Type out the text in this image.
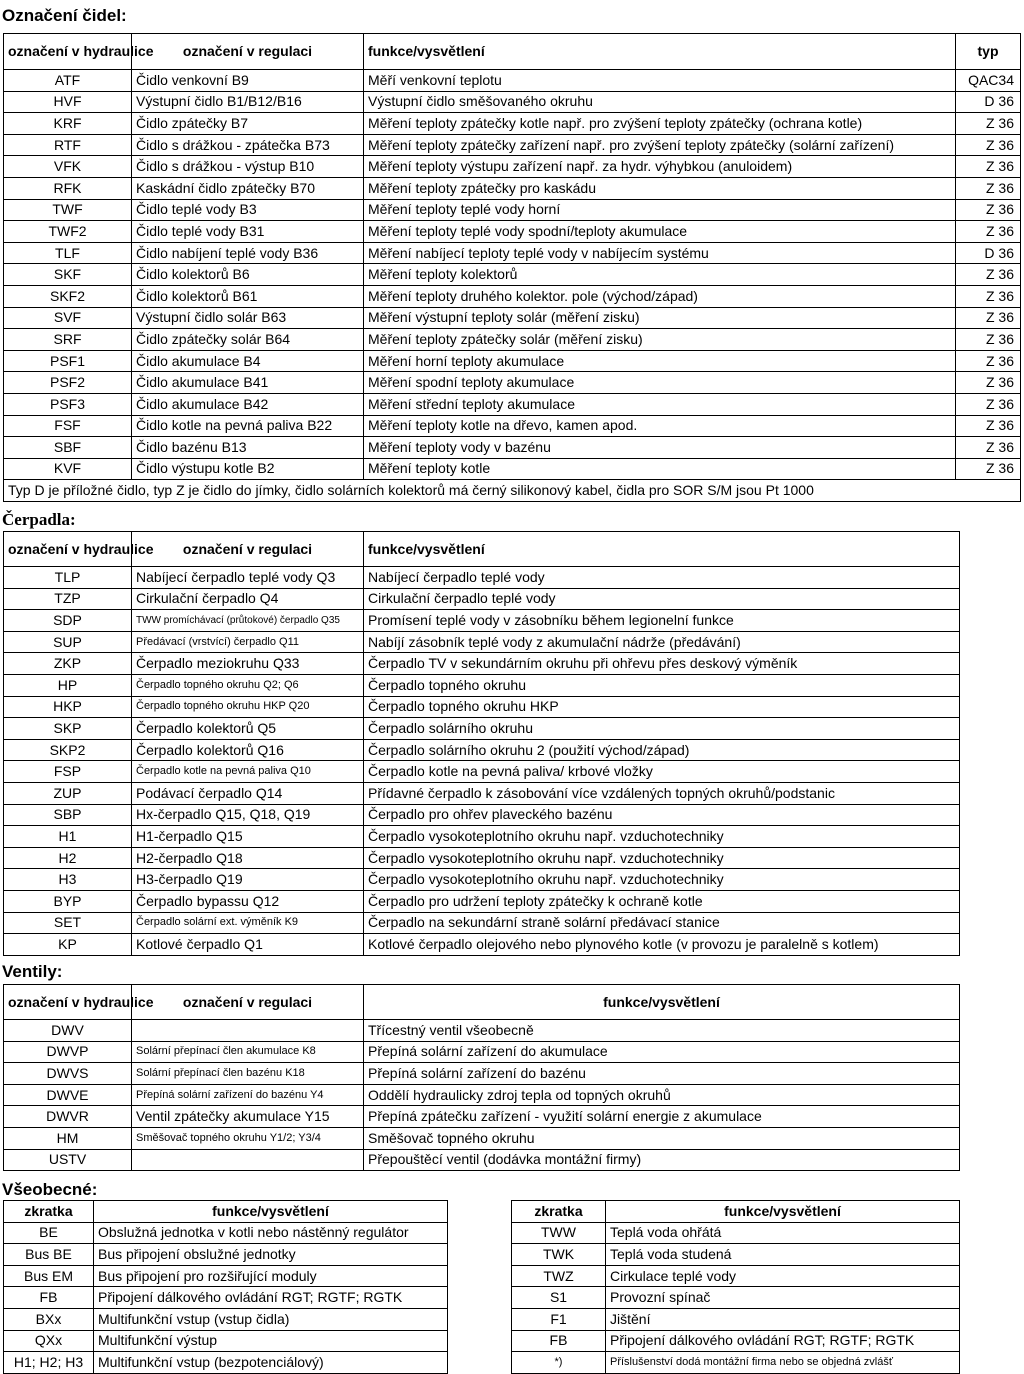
Označení čidel:
označení v hydraulice	označení v regulaci	funkce/vysvětlení	typ
ATF	Čidlo venkovní B9	Měří venkovní teplotu	QAC34
HVF	Výstupní čidlo B1/B12/B16	Výstupní čidlo směšovaného okruhu	D 36
KRF	Čidlo zpátečky B7	Měření teploty zpátečky kotle např. pro zvýšení teploty zpátečky (ochrana kotle)	Z 36
RTF	Čidlo s drážkou - zpátečka B73	Měření teploty zpátečky zařízení např. pro zvýšení teploty zpátečky (solární zařízení)	Z 36
VFK	Čidlo s drážkou - výstup B10	Měření teploty výstupu zařízení např. za hydr. výhybkou (anuloidem)	Z 36
RFK	Kaskádní čidlo zpátečky B70	Měření teploty zpátečky pro kaskádu	Z 36
TWF	Čidlo teplé vody B3	Měření teploty teplé vody horní	Z 36
TWF2	Čidlo teplé vody B31	Měření teploty teplé vody spodní/teploty akumulace	Z 36
TLF	Čidlo nabíjení teplé vody B36	Měření nabíjecí teploty teplé vody v nabíjecím systému	D 36
SKF	Čidlo kolektorů B6	Měření teploty kolektorů	Z 36
SKF2	Čidlo kolektorů B61	Měření teploty druhého kolektor. pole (východ/západ)	Z 36
SVF	Výstupní čidlo solár B63	Měření výstupní teploty solár (měření zisku)	Z 36
SRF	Čidlo zpátečky solár B64	Měření teploty zpátečky solár (měření zisku)	Z 36
PSF1	Čidlo akumulace B4	Měření horní teploty akumulace	Z 36
PSF2	Čidlo akumulace B41	Měření spodní teploty akumulace	Z 36
PSF3	Čidlo akumulace B42	Měření střední teploty akumulace	Z 36
FSF	Čidlo kotle na pevná paliva B22	Měření teploty kotle na dřevo, kamen apod.	Z 36
SBF	Čidlo bazénu B13	Měření teploty vody v bazénu	Z 36
KVF	Čidlo výstupu kotle B2	Měření teploty kotle	Z 36
Typ D je příložné čidlo, typ Z je čidlo do jímky, čidlo solárních kolektorů má černý silikonový kabel, čidla pro SOR S/M jsou Pt 1000			
Čerpadla:
označení v hydraulice	označení v regulaci	funkce/vysvětlení
TLP	Nabíjecí čerpadlo teplé vody Q3	Nabíjecí čerpadlo teplé vody
TZP	Cirkulační čerpadlo Q4	Cirkulační čerpadlo teplé vody
SDP	TWW promíchávací (průtokové) čerpadlo Q35	Promísení teplé vody v zásobníku během legionelní funkce
SUP	Předávací (vrstvící) čerpadlo Q11	Nabíjí zásobník teplé vody z akumulační nádrže (předávání)
ZKP	Čerpadlo meziokruhu Q33	Čerpadlo TV v sekundárním okruhu při ohřevu přes deskový výměník
HP	Čerpadlo topného okruhu Q2; Q6	Čerpadlo topného okruhu
HKP	Čerpadlo topného okruhu HKP Q20	Čerpadlo topného okruhu HKP
SKP	Čerpadlo kolektorů Q5	Čerpadlo solárního okruhu
SKP2	Čerpadlo kolektorů Q16	Čerpadlo solárního okruhu 2 (použití východ/západ)
FSP	Čerpadlo kotle na pevná paliva Q10	Čerpadlo kotle na pevná paliva/ krbové vložky
ZUP	Podávací čerpadlo Q14	Přídavné čerpadlo k zásobování více vzdálených topných okruhů/podstanic
SBP	Hx-čerpadlo Q15, Q18, Q19	Čerpadlo pro ohřev plaveckého bazénu
H1	H1-čerpadlo Q15	Čerpadlo vysokoteplotního okruhu např. vzduchotechniky
H2	H2-čerpadlo Q18	Čerpadlo vysokoteplotního okruhu např. vzduchotechniky
H3	H3-čerpadlo Q19	Čerpadlo vysokoteplotního okruhu např. vzduchotechniky
BYP	Čerpadlo bypassu Q12	Čerpadlo pro udržení teploty zpátečky k ochraně kotle
SET	Čerpadlo solární ext. výměník K9	Čerpadlo na sekundární straně solární předávací stanice
KP	Kotlové čerpadlo Q1	Kotlové čerpadlo olejového nebo plynového kotle (v provozu je paralelně s kotlem)
Ventily:
označení v hydraulice	označení v regulaci	funkce/vysvětlení
DWV		Třícestný ventil všeobecně
DWVP	Solární přepínací člen akumulace K8	Přepíná solární zařízení do akumulace
DWVS	Solární přepínací člen bazénu K18	Přepíná solární zařízení do bazénu
DWVE	Přepíná solární zařízení do bazénu Y4	Oddělí hydraulicky zdroj tepla od topných okruhů
DWVR	Ventil zpátečky akumulace Y15	Přepíná zpátečku zařízení - využití solární energie z akumulace
HM	Směšovač topného okruhu Y1/2; Y3/4	Směšovač topného okruhu
USTV		Přepouštěcí ventil (dodávka montážní firmy)
Všeobecné:
zkratka	funkce/vysvětlení
BE	Obslužná jednotka v kotli nebo nástěnný regulátor
Bus BE	Bus připojení obslužné jednotky
Bus EM	Bus připojení pro rozšiřující moduly
FB	Připojení dálkového ovládání RGT; RGTF; RGTK
BXx	Multifunkční vstup (vstup čidla)
QXx	Multifunkční výstup
H1; H2; H3	Multifunkční vstup (bezpotenciálový)
zkratka	funkce/vysvětlení
TWW	Teplá voda ohřátá
TWK	Teplá voda studená
TWZ	Cirkulace teplé vody
S1	Provozní spínač
F1	Jištění
FB	Připojení dálkového ovládání RGT; RGTF; RGTK
*)	Příslušenství dodá montážní firma nebo se objedná zvlášť
